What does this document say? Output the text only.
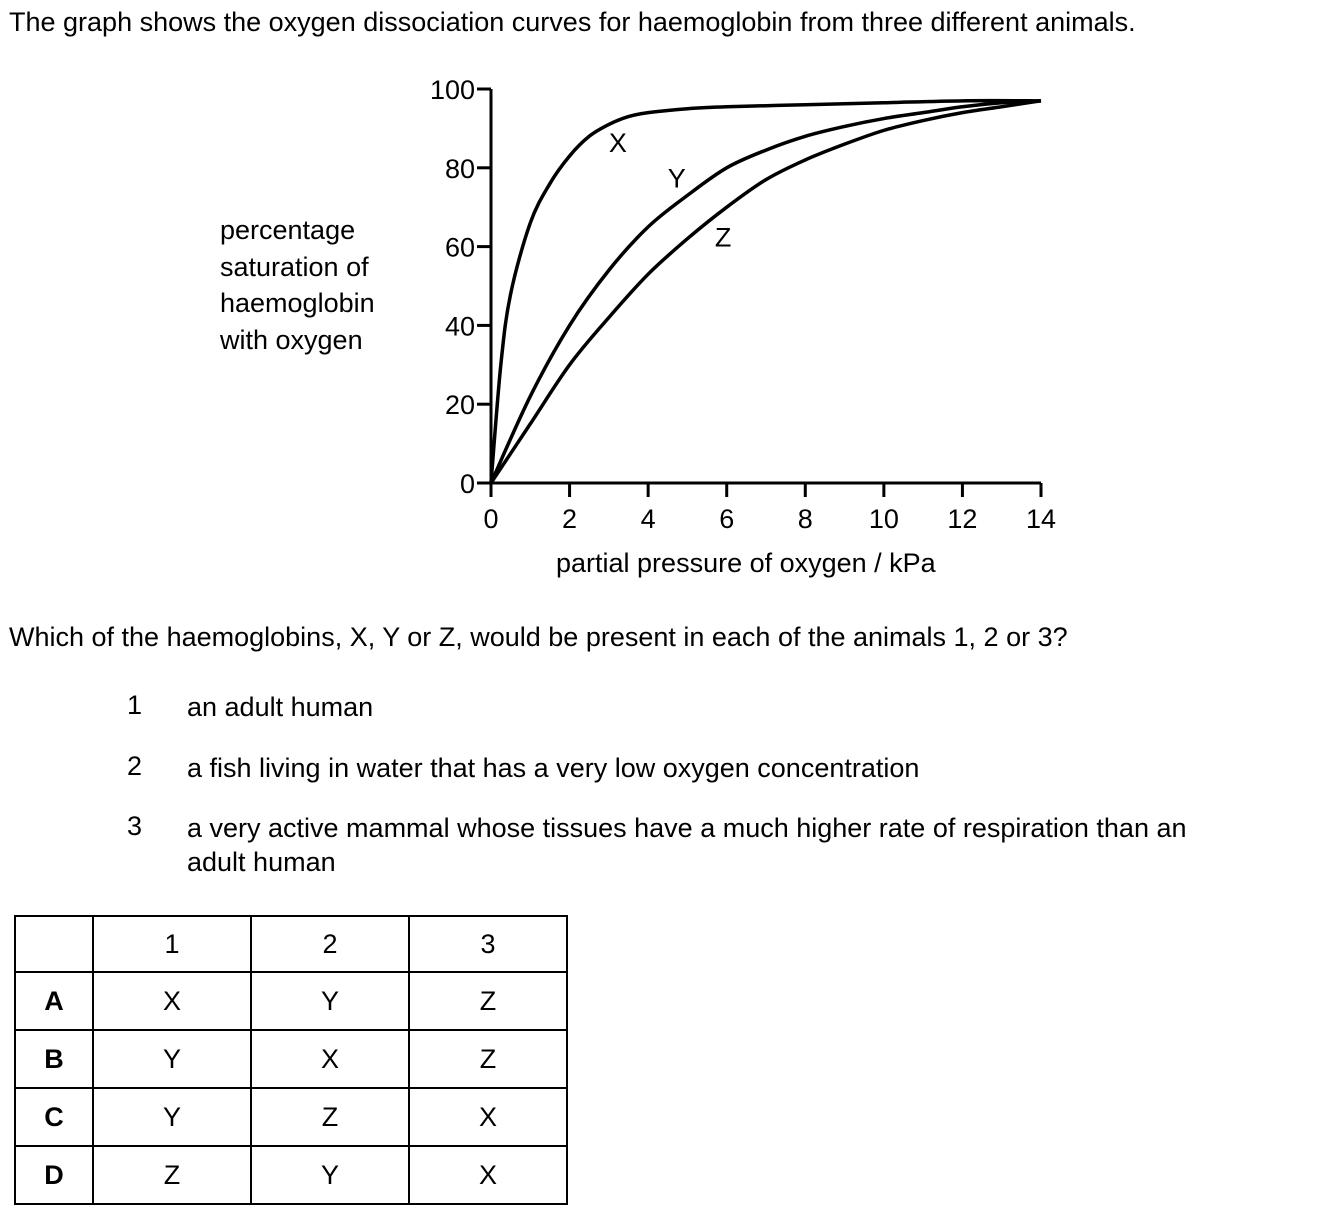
The graph shows the oxygen dissociation curves for haemoglobin from three different animals.
0
20
40
60
80
100
0 2 4 6 8 10 12 14
X
Y
Z
percentage saturation of haemoglobin with oxygen
partial pressure of oxygen / kPa
Which of the haemoglobins, X, Y or Z, would be present in each of the animals 1, 2 or 3?
1 an adult human
2 a fish living in water that has a very low oxygen concentration
3 a very active mammal whose tissues have a much higher rate of respiration than an
adult human
	1	2	3
A	X	Y	Z
B	Y	X	Z
C	Y	Z	X
D	Z	Y	X
